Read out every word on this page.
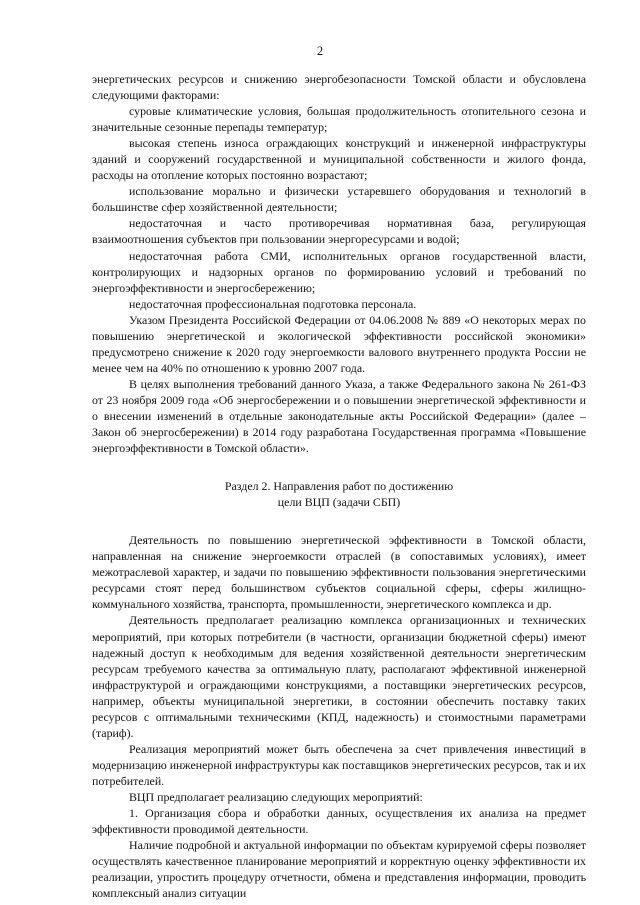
2

энергетических ресурсов и снижению энергобезопасности Томской области и обусловлена следующими факторами:

суровые климатические условия, большая продолжительность отопительного сезона и значительные сезонные перепады температур;

высокая степень износа ограждающих конструкций и инженерной инфраструктуры зданий и сооружений государственной и муниципальной собственности и жилого фонда, расходы на отопление которых постоянно возрастают;

использование морально и физически устаревшего оборудования и технологий в большинстве сфер хозяйственной деятельности;

недостаточная и часто противоречивая нормативная база, регулирующая взаимоотношения субъектов при пользовании энергоресурсами и водой;

недостаточная работа СМИ, исполнительных органов государственной власти, контролирующих и надзорных органов по формированию условий и требований по энергоэффективности и энергосбережению;

недостаточная профессиональная подготовка персонала.

Указом Президента Российской Федерации от 04.06.2008 № 889 «О некоторых мерах по повышению энергетической и экологической эффективности российской экономики» предусмотрено снижение к 2020 году энергоемкости валового внутреннего продукта России не менее чем на 40% по отношению к уровню 2007 года.

В целях выполнения требований данного Указа, а также Федерального закона № 261-ФЗ от 23 ноября 2009 года «Об энергосбережении и о повышении энергетической эффективности и о внесении изменений в отдельные законодательные акты Российской Федерации» (далее – Закон об энергосбережении) в 2014 году разработана Государственная программа «Повышение энергоэффективности в Томской области».

Раздел 2. Направления работ по достижению
цели ВЦП (задачи СБП)

Деятельность по повышению энергетической эффективности в Томской области, направленная на снижение энергоемкости отраслей (в сопоставимых условиях), имеет межотраслевой характер, и задачи по повышению эффективности пользования энергетическими ресурсами стоят перед большинством субъектов социальной сферы, сферы жилищно-коммунального хозяйства, транспорта, промышленности, энергетического комплекса и др.

Деятельность предполагает реализацию комплекса организационных и технических мероприятий, при которых потребители (в частности, организации бюджетной сферы) имеют надежный доступ к необходимым для ведения хозяйственной деятельности энергетическим ресурсам требуемого качества за оптимальную плату, располагают эффективной инженерной инфраструктурой и ограждающими конструкциями, а поставщики энергетических ресурсов, например, объекты муниципальной энергетики, в состоянии обеспечить поставку таких ресурсов с оптимальными техническими (КПД, надежность) и стоимостными параметрами (тариф).

Реализация мероприятий может быть обеспечена за счет привлечения инвестиций в модернизацию инженерной инфраструктуры как поставщиков энергетических ресурсов, так и их потребителей.

ВЦП предполагает реализацию следующих мероприятий:

1. Организация сбора и обработки данных, осуществления их анализа на предмет эффективности проводимой деятельности.

Наличие подробной и актуальной информации по объектам курируемой сферы позволяет осуществлять качественное планирование мероприятий и корректную оценку эффективности их реализации, упростить процедуру отчетности, обмена и представления информации, проводить комплексный анализ ситуации
